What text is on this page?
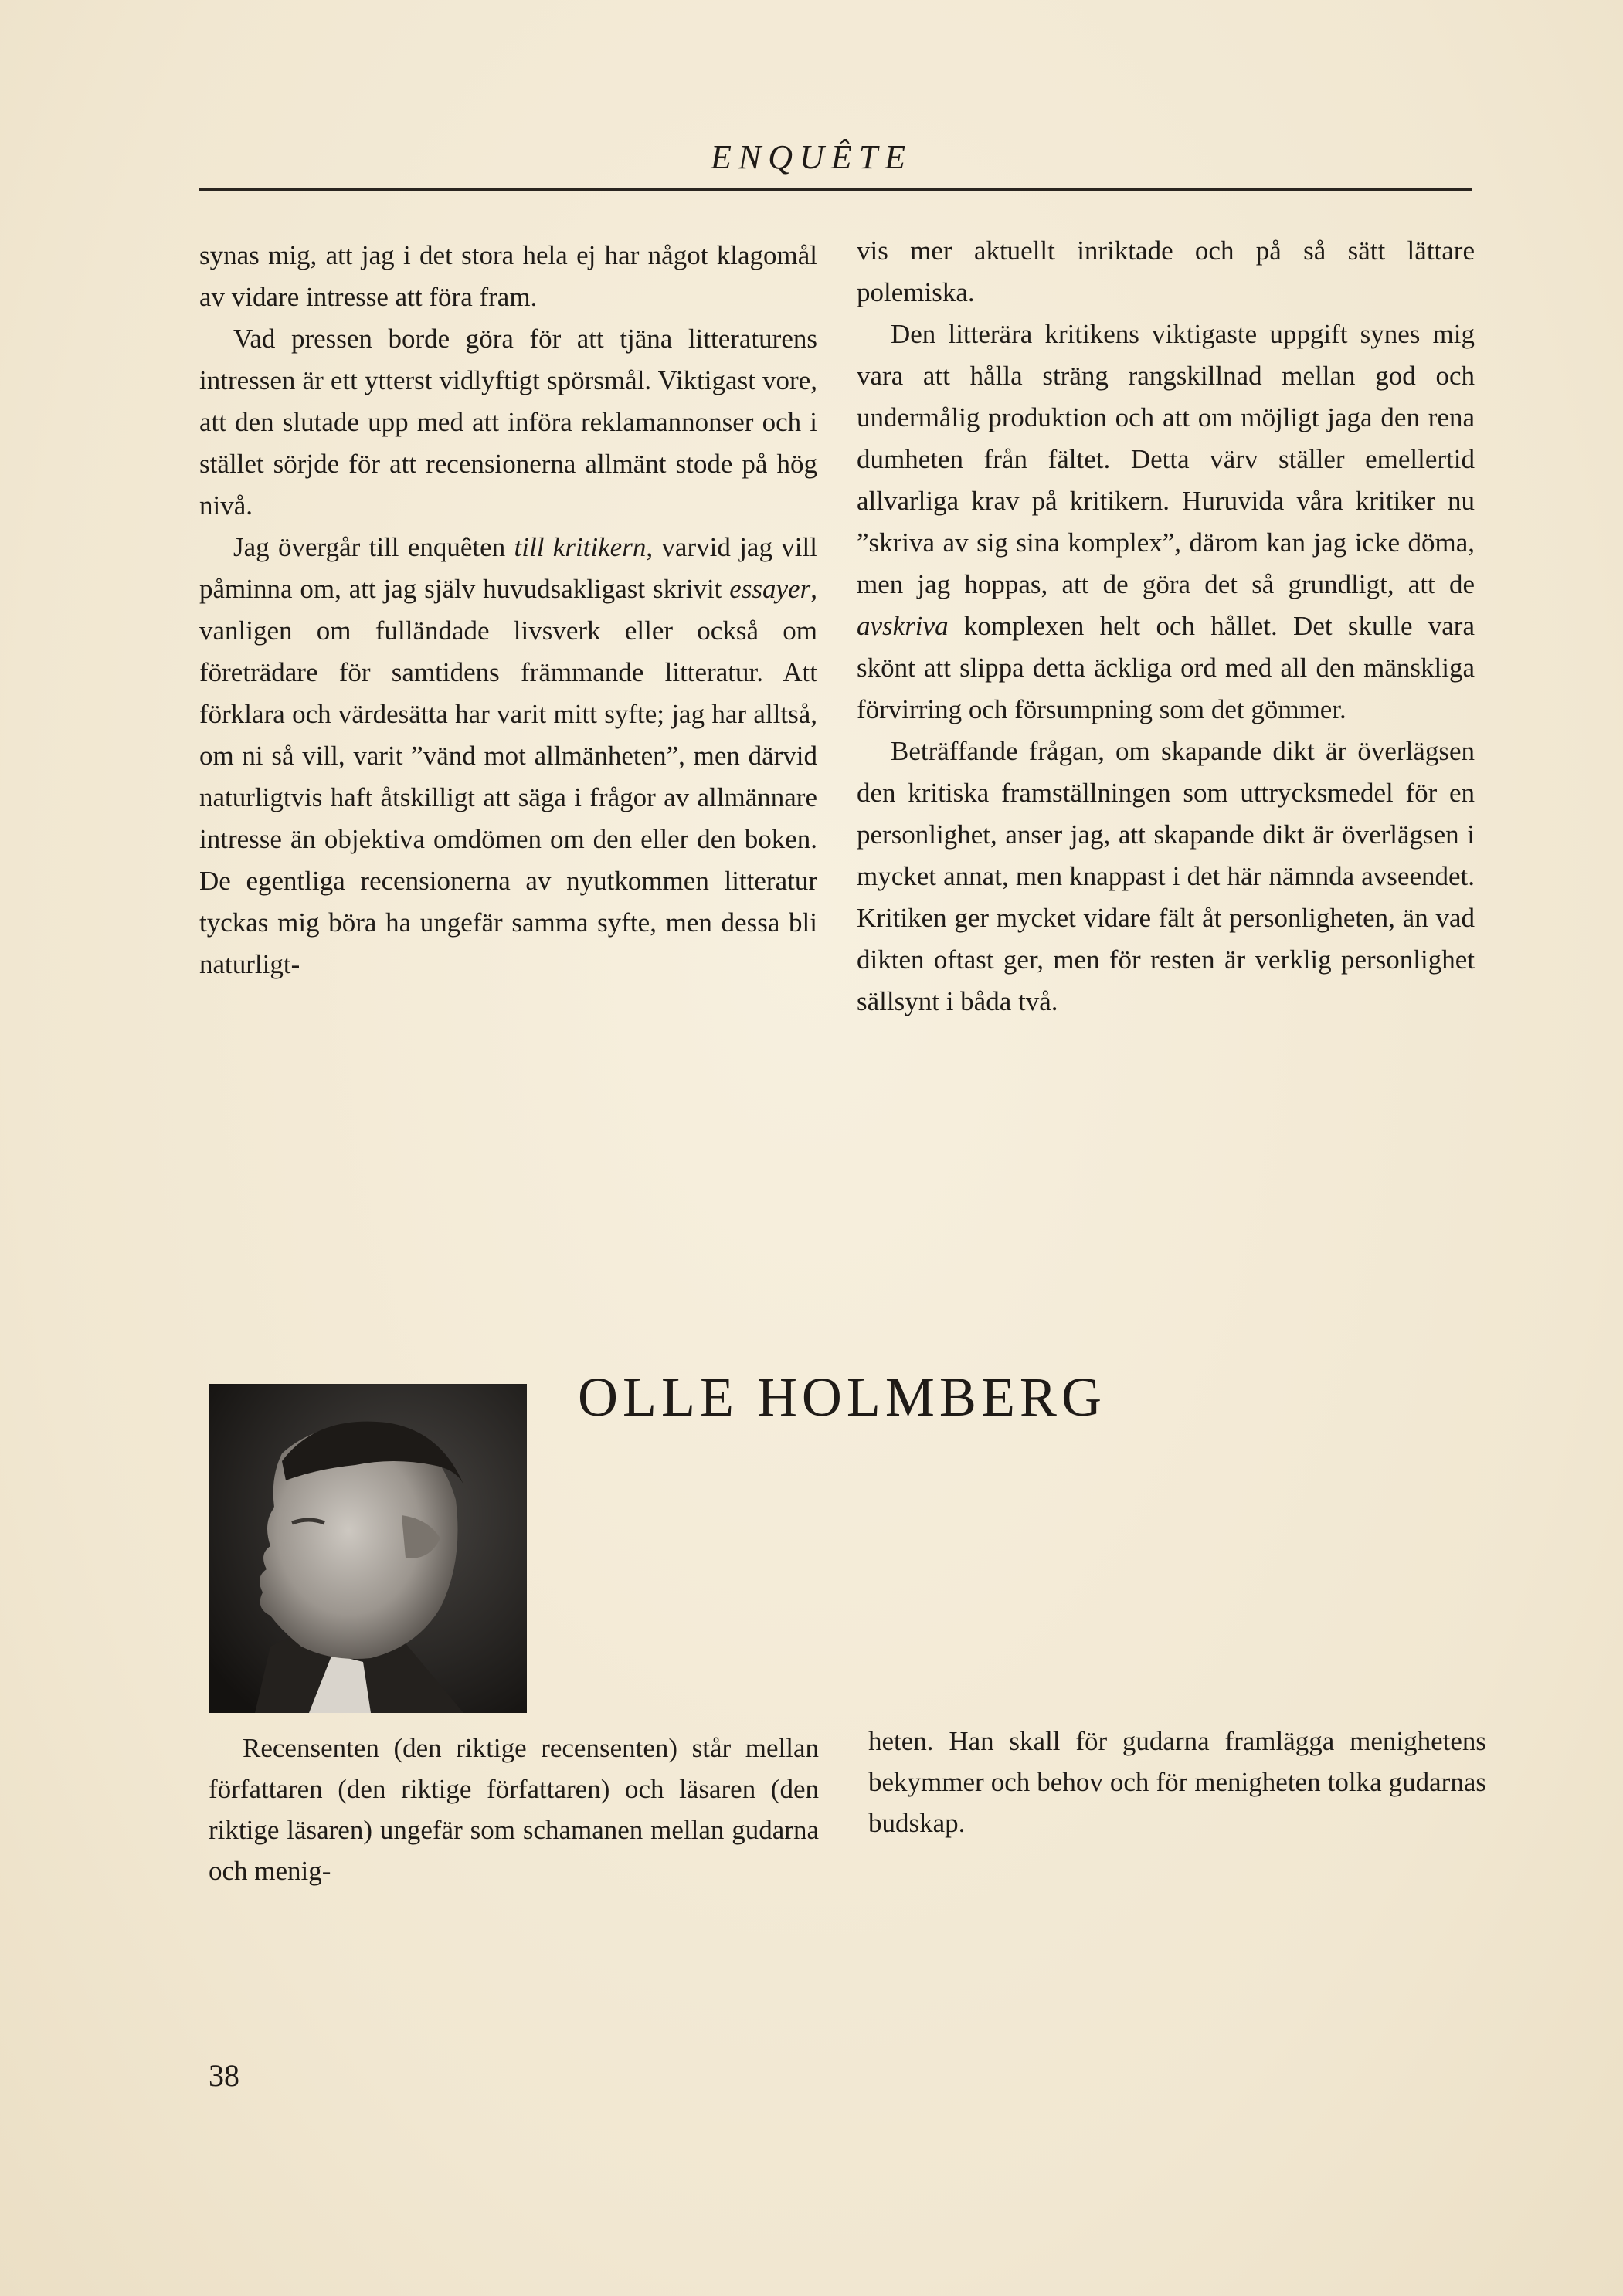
ENQUÊTE

synas mig, att jag i det stora hela ej har något klagomål av vidare intresse att föra fram.

Vad pressen borde göra för att tjäna litteraturens intressen är ett ytterst vidlyftigt spörsmål. Viktigast vore, att den slutade upp med att införa reklamannonser och i stället sörjde för att recensionerna allmänt stode på hög nivå.

Jag övergår till enquêten till kritikern, varvid jag vill påminna om, att jag själv huvudsakligast skrivit essayer, vanligen om fulländade livsverk eller också om företrädare för samtidens främmande litteratur. Att förklara och värdesätta har varit mitt syfte; jag har alltså, om ni så vill, varit ”vänd mot allmänheten”, men därvid naturligtvis haft åtskilligt att säga i frågor av allmännare intresse än objektiva omdömen om den eller den boken. De egentliga recensionerna av nyutkommen litteratur tyckas mig böra ha ungefär samma syfte, men dessa bli naturligt-

vis mer aktuellt inriktade och på så sätt lättare polemiska.

Den litterära kritikens viktigaste uppgift synes mig vara att hålla sträng rangskillnad mellan god och undermålig produktion och att om möjligt jaga den rena dumheten från fältet. Detta värv ställer emellertid allvarliga krav på kritikern. Huruvida våra kritiker nu ”skriva av sig sina komplex”, därom kan jag icke döma, men jag hoppas, att de göra det så grundligt, att de avskriva komplexen helt och hållet. Det skulle vara skönt att slippa detta äckliga ord med all den mänskliga förvirring och försumpning som det gömmer.

Beträffande frågan, om skapande dikt är överlägsen den kritiska framställningen som uttrycksmedel för en personlighet, anser jag, att skapande dikt är överlägsen i mycket annat, men knappast i det här nämnda avseendet. Kritiken ger mycket vidare fält åt personligheten, än vad dikten oftast ger, men för resten är verklig personlighet sällsynt i båda två.

OLLE HOLMBERG

Recensenten (den riktige recensenten) står mellan författaren (den riktige författaren) och läsaren (den riktige läsaren) ungefär som schamanen mellan gudarna och menig-

heten. Han skall för gudarna framlägga menighetens bekymmer och behov och för menigheten tolka gudarnas budskap.

38
